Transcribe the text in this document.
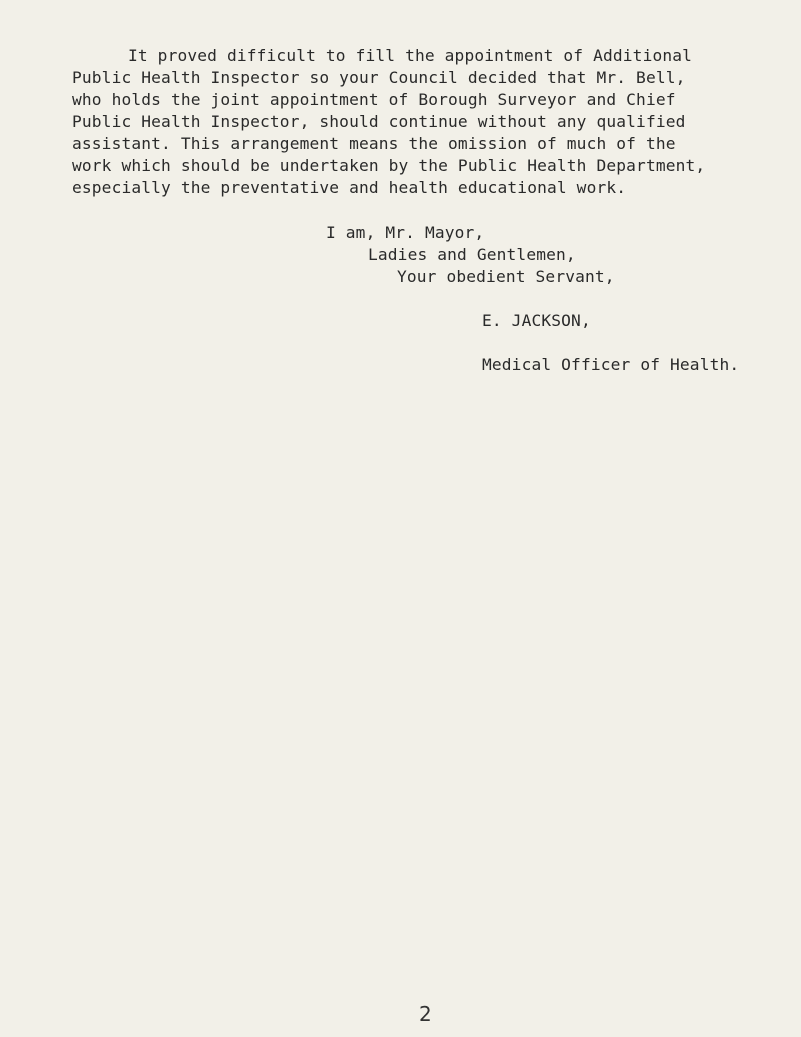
It proved difficult to fill the appointment of Additional

Public Health Inspector so your Council decided that Mr. Bell,

who holds the joint appointment of Borough Surveyor and Chief

Public Health Inspector, should continue without any qualified

assistant. This arrangement means the omission of much of the

work which should be undertaken by the Public Health Department,

especially the preventative and health educational work.

I am, Mr. Mayor,

Ladies and Gentlemen,

Your obedient Servant,

E. JACKSON,

Medical Officer of Health.

2
